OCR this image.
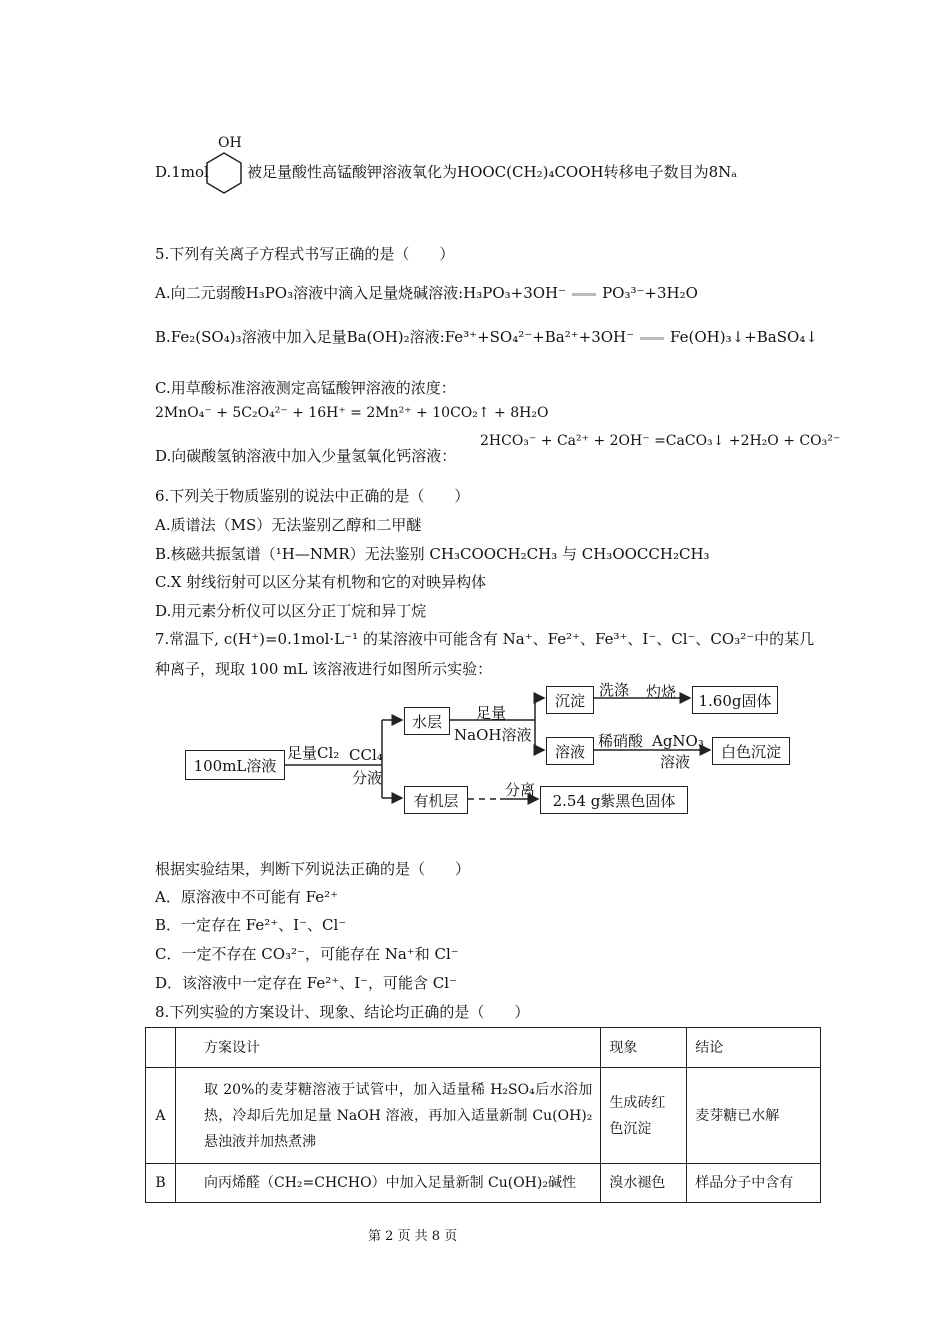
D.1mol
OH
被足量酸性高锰酸钾溶液氧化为HOOC(CH₂)₄COOH转移电子数目为8Nₐ
5.下列有关离子方程式书写正确的是（　　）
A.向二元弱酸H₃PO₃溶液中滴入足量烧碱溶液:H₃PO₃+3OH⁻ PO₃³⁻+3H₂O
B.Fe₂(SO₄)₃溶液中加入足量Ba(OH)₂溶液:Fe³⁺+SO₄²⁻+Ba²⁺+3OH⁻ Fe(OH)₃↓+BaSO₄↓
C.用草酸标准溶液测定高锰酸钾溶液的浓度：
2MnO₄⁻ + 5C₂O₄²⁻ + 16H⁺ = 2Mn²⁺ + 10CO₂↑ + 8H₂O
2HCO₃⁻ + Ca²⁺ + 2OH⁻ =CaCO₃↓ +2H₂O + CO₃²⁻
D.向碳酸氢钠溶液中加入少量氢氧化钙溶液：
6.下列关于物质鉴别的说法中正确的是（　　）
A.质谱法（MS）无法鉴别乙醇和二甲醚
B.核磁共振氢谱（¹H—NMR）无法鉴别 CH₃COOCH₂CH₃ 与 CH₃OOCCH₂CH₃
C.X 射线衍射可以区分某有机物和它的对映异构体
D.用元素分析仪可以区分正丁烷和异丁烷
7.常温下, c(H⁺)=0.1mol·L⁻¹ 的某溶液中可能含有 Na⁺、Fe²⁺、Fe³⁺、I⁻、Cl⁻、CO₃²⁻中的某几
种离子，现取 100 mL 该溶液进行如图所示实验：
100mL溶液
足量Cl₂ CCl₄
分液
水层	足量
NaOH溶液
沉淀
洗涤 灼烧	1.60g固体
溶液
稀硝酸 AgNO₃
溶液
白色沉淀
有机层
分离
2.54 g紫黑色固体
根据实验结果，判断下列说法正确的是（　　）
A．原溶液中不可能有 Fe²⁺
B．一定存在 Fe²⁺、I⁻、Cl⁻
C．一定不存在 CO₃²⁻，可能存在 Na⁺和 Cl⁻
D．该溶液中一定存在 Fe²⁺、I⁻，可能含 Cl⁻
8.下列实验的方案设计、现象、结论均正确的是（　　）
	方案设计	现象	结论
A	取 20%的麦芽糖溶液于试管中，加入适量稀 H₂SO₄后水浴加热，冷却后先加足量 NaOH 溶液，再加入适量新制 Cu(OH)₂悬浊液并加热煮沸	生成砖红色沉淀	麦芽糖已水解
B	向丙烯醛（CH₂=CHCHO）中加入足量新制 Cu(OH)₂碱性	溴水褪色	样品分子中含有
第 2 页 共 8 页
